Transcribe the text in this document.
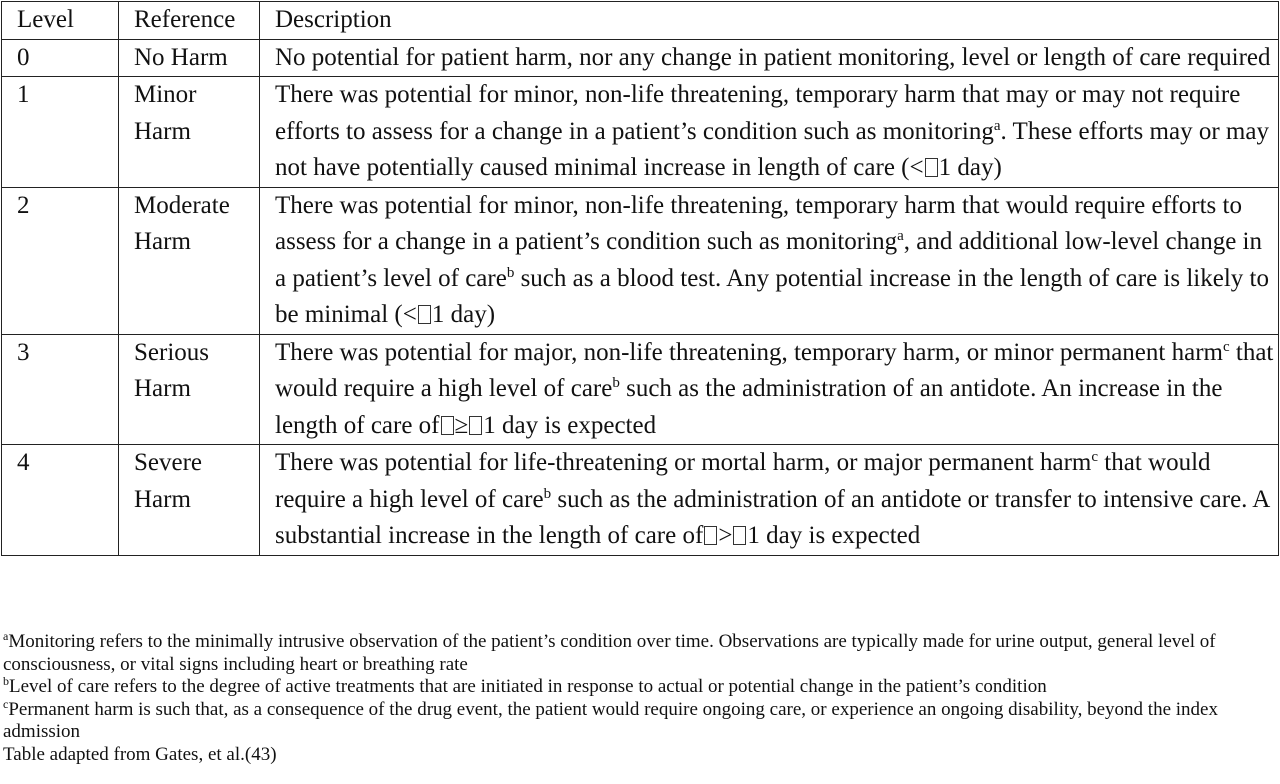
Level	Reference	Description
0	No Harm	No potential for patient harm, nor any change in patient monitoring, level or length of care required
1	Minor Harm	There was potential for minor, non-life threatening, temporary harm that may or may not require efforts to assess for a change in a patient’s condition such as monitoring$^a$. These efforts may or may not have potentially caused minimal increase in length of care (< 1 day)
2	Moderate Harm	There was potential for minor, non-life threatening, temporary harm that would require efforts to assess for a change in a patient’s condition such as monitoring$^a$, and additional low-level change in a patient’s level of care$^b$ such as a blood test. Any potential increase in the length of care is likely to be minimal (< 1 day)
3	Serious Harm	There was potential for major, non-life threatening, temporary harm, or minor permanent harm$^c$ that would require a high level of care$^b$ such as the administration of an antidote. An increase in the length of care of ≥ 1 day is expected
4	Severe Harm	There was potential for life-threatening or mortal harm, or major permanent harm$^c$ that would require a high level of care$^b$ such as the administration of an antidote or transfer to intensive care. A substantial increase in the length of care of > 1 day is expected

$^a$Monitoring refers to the minimally intrusive observation of the patient’s condition over time. Observations are typically made for urine output, general level of consciousness, or vital signs including heart or breathing rate

$^b$Level of care refers to the degree of active treatments that are initiated in response to actual or potential change in the patient’s condition

$^c$Permanent harm is such that, as a consequence of the drug event, the patient would require ongoing care, or experience an ongoing disability, beyond the index admission

Table adapted from Gates, et al.(43)
